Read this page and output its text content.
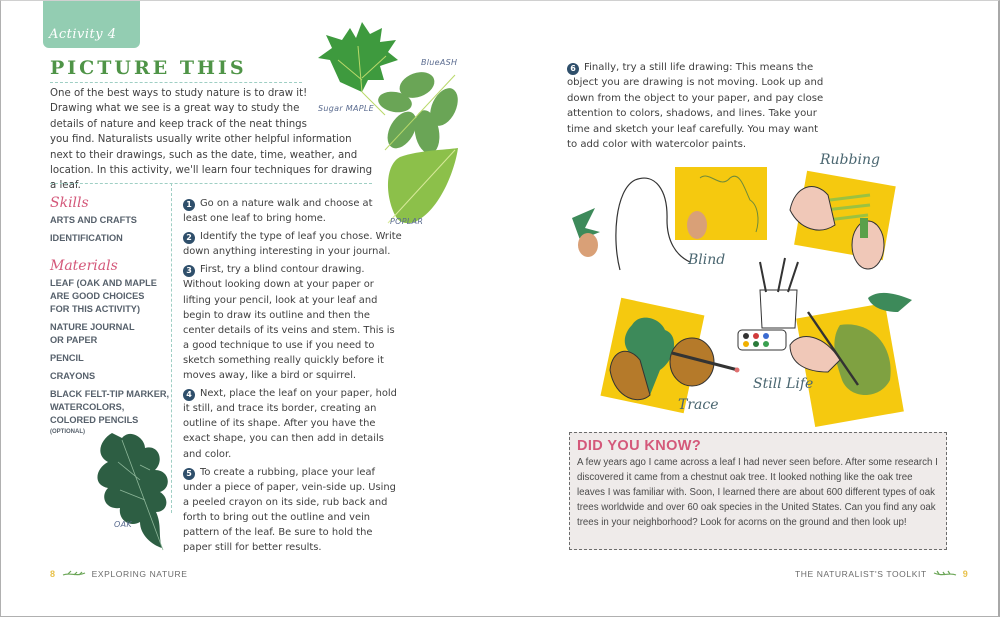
Activity 4
PICTURE THIS
One of the best ways to study nature is to draw it! Drawing what we see is a great way to study the details of nature and keep track of the neat things
you find. Naturalists usually write other helpful information next to their drawings, such as the date, time, weather, and location. In this activity, we'll learn four techniques for drawing a leaf.
Skills
ARTS AND CRAFTS
IDENTIFICATION
Materials
LEAF (OAK AND MAPLE ARE GOOD CHOICES FOR THIS ACTIVITY)
NATURE JOURNAL OR PAPER
PENCIL
CRAYONS
BLACK FELT-TIP MARKER, WATERCOLORS, COLORED PENCILS
(OPTIONAL)
1 Go on a nature walk and choose at least one leaf to bring home.
2 Identify the type of leaf you chose. Write down anything interesting in your journal.
3 First, try a blind contour drawing. Without looking down at your paper or lifting your pencil, look at your leaf and begin to draw its outline and then the center details of its veins and stem. This is a good technique to use if you need to sketch something really quickly before it moves away, like a bird or squirrel.
4 Next, place the leaf on your paper, hold it still, and trace its border, creating an outline of its shape. After you have the exact shape, you can then add in details and color.
5 To create a rubbing, place your leaf under a piece of paper, vein-side up. Using a peeled crayon on its side, rub back and forth to bring out the outline and vein pattern of the leaf. Be sure to hold the paper still for better results.
Sugar MAPLE
BlueASH
POPLAR
OAK
8	EXPLORING NATURE
6 Finally, try a still life drawing: This means the object you are drawing is not moving. Look up and down from the object to your paper, and pay close attention to colors, shadows, and lines. Take your time and sketch your leaf carefully. You may want to add color with watercolor paints.
Blind
Rubbing
Trace
Still Life
DID YOU KNOW?

A few years ago I came across a leaf I had never seen before. After some research I discovered it came from a chestnut oak tree. It looked nothing like the oak tree leaves I was familiar with. Soon, I learned there are about 600 different types of oak trees worldwide and over 60 oak species in the United States. Can you find any oak trees in your neighborhood? Look for acorns on the ground and then look up!

THE NATURALIST'S TOOLKIT	9
